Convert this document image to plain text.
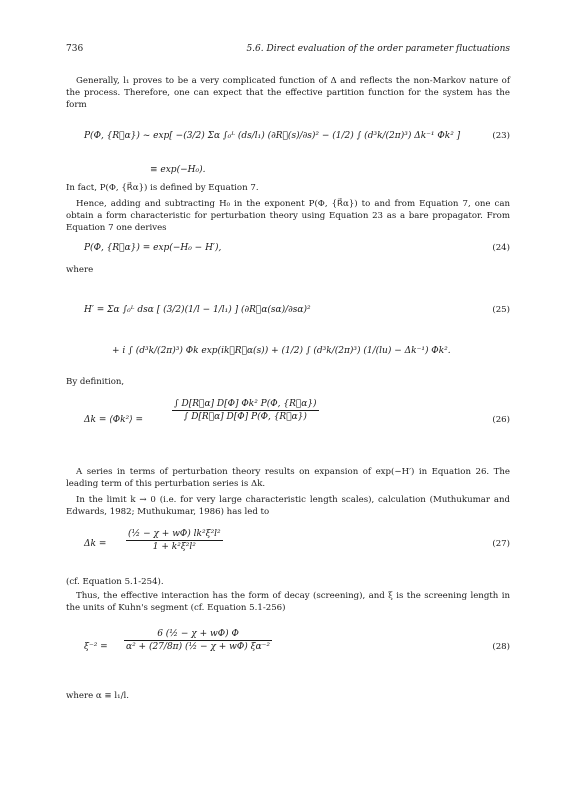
736	5.6. Direct evaluation of the order parameter fluctuations
Generally, l₁ proves to be a very complicated function of Δ and reflects the non-Markov nature of the process. Therefore, one can expect that the effective partition function for the system has the form
P(Φ, {R⃗α}) ~ exp[ −(3/2) Σα ∫₀ᴸ (ds/l₁) (∂R⃗(s)/∂s)² − (1/2) ∫ (d³k/(2π)³) Δk⁻¹ Φk² ]	(23)
≡ exp(−H₀).
In fact, P(Φ, {R⃗α}) is defined by Equation 7.
Hence, adding and subtracting H₀ in the exponent P(Φ, {R⃗α}) to and from Equation 7, one can obtain a form characteristic for perturbation theory using Equation 23 as a bare propagator. From Equation 7 one derives
P(Φ, {R⃗α}) = exp(−H₀ − H′),	(24)
where
H′ = Σα ∫₀ᴸ dsα [ (3/2)(1/l − 1/l₁) ] (∂R⃗α(sα)/∂sα)²	(25)
+ i ∫ (d³k/(2π)³) Φk exp(ik⃗R⃗α(s)) + (1/2) ∫ (d³k/(2π)³) (1/(lu) − Δk⁻¹) Φk².
By definition,
Δk = ⟨Φk²⟩ =	$\frac{\text{∫ D[R⃗α] D[Φ] Φk² P(Φ, \{R⃗α\})}}{\int D[R⃗\alpha] D[\Phi] P(\Phi, \{R⃗\alpha\})}$	(26)
A series in terms of perturbation theory results on expansion of exp(−H′) in Equation 26. The leading term of this perturbation series is Δk.
In the limit k → 0 (i.e. for very large characteristic length scales), calculation (Muthukumar and Edwards, 1982; Muthukumar, 1986) has led to
$\Delta k = \frac{\text{(½ − χ + wΦ) lk²ξ²l²}}{\text{1 + k²ξ²l²}}$	(27)
(cf. Equation 5.1-254).
Thus, the effective interaction has the form of decay (screening), and ξ is the screening length in the units of Kuhn's segment (cf. Equation 5.1-256)
$\xi^{-2} = \frac{\text{6 (½ − χ + wΦ) Φ}}{\text{α² + (27/8π) (½ − χ + wΦ) ξα⁻²}}$	(28)
where α ≡ l₁/l.
